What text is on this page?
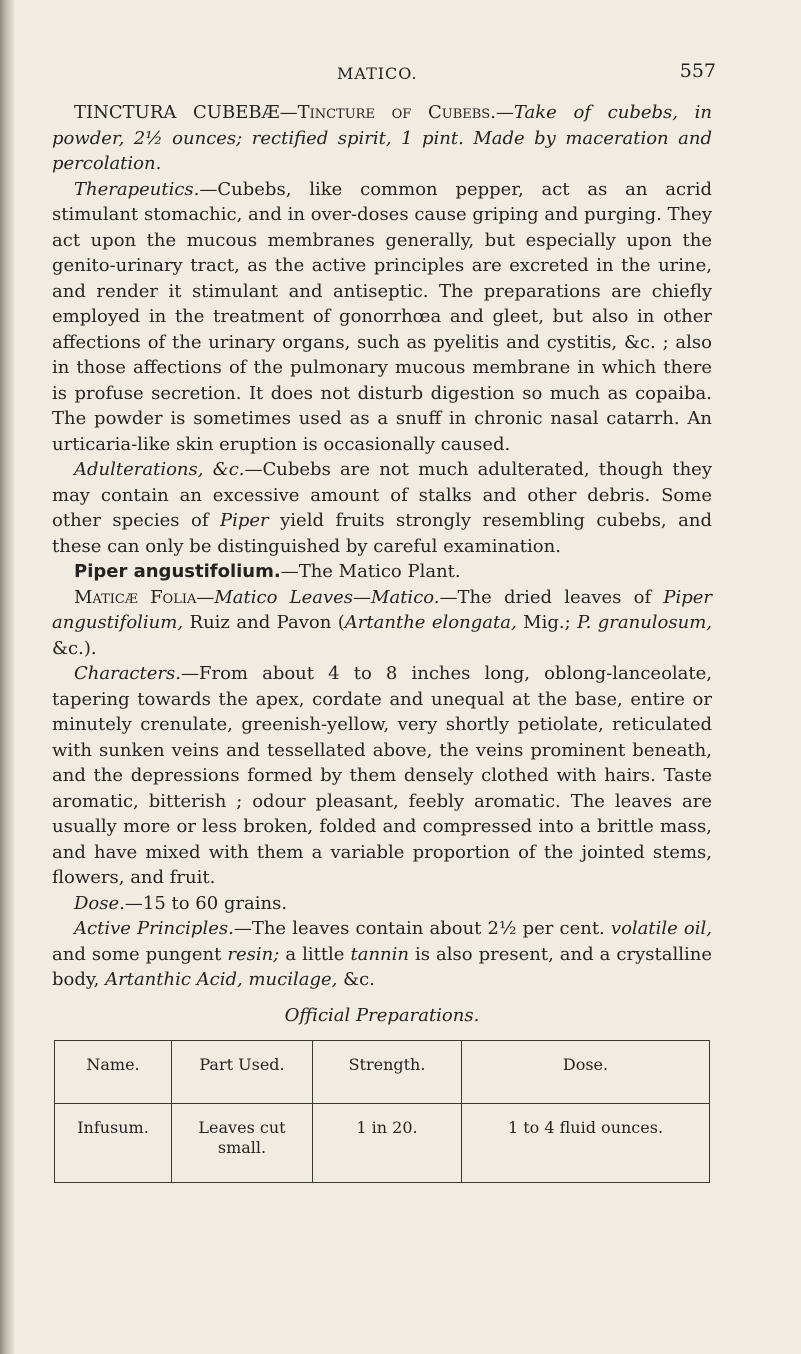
MATICO.	557

TINCTURA CUBEBÆ—Tincture of Cubebs.—Take of cubebs, in powder, 2½ ounces; rectified spirit, 1 pint. Made by maceration and percolation.

Therapeutics.—Cubebs, like common pepper, act as an acrid stimulant stomachic, and in over-doses cause griping and purging. They act upon the mucous membranes generally, but especially upon the genito-urinary tract, as the active principles are excreted in the urine, and render it stimulant and antiseptic. The preparations are chiefly employed in the treatment of gonorrhœa and gleet, but also in other affections of the urinary organs, such as pyelitis and cystitis, &c. ; also in those affections of the pulmonary mucous membrane in which there is profuse secretion. It does not disturb digestion so much as copaiba. The powder is sometimes used as a snuff in chronic nasal catarrh. An urticaria-like skin eruption is occasionally caused.

Adulterations, &c.—Cubebs are not much adulterated, though they may contain an excessive amount of stalks and other debris. Some other species of Piper yield fruits strongly resembling cubebs, and these can only be distinguished by careful examination.

Piper angustifolium.—The Matico Plant.

Maticæ Folia—Matico Leaves—Matico.—The dried leaves of Piper angustifolium, Ruiz and Pavon (Artanthe elongata, Mig.; P. granulosum, &c.).

Characters.—From about 4 to 8 inches long, oblong-lanceolate, tapering towards the apex, cordate and unequal at the base, entire or minutely crenulate, greenish-yellow, very shortly petiolate, reticulated with sunken veins and tessellated above, the veins prominent beneath, and the depressions formed by them densely clothed with hairs. Taste aromatic, bitterish ; odour pleasant, feebly aromatic. The leaves are usually more or less broken, folded and compressed into a brittle mass, and have mixed with them a variable proportion of the jointed stems, flowers, and fruit.

Dose.—15 to 60 grains.

Active Principles.—The leaves contain about 2½ per cent. volatile oil, and some pungent resin; a little tannin is also present, and a crystalline body, Artanthic Acid, mucilage, &c.

Official Preparations.

Name.	Part Used.	Strength.	Dose.
Infusum.	Leaves cut small.	1 in 20.	1 to 4 fluid ounces.
